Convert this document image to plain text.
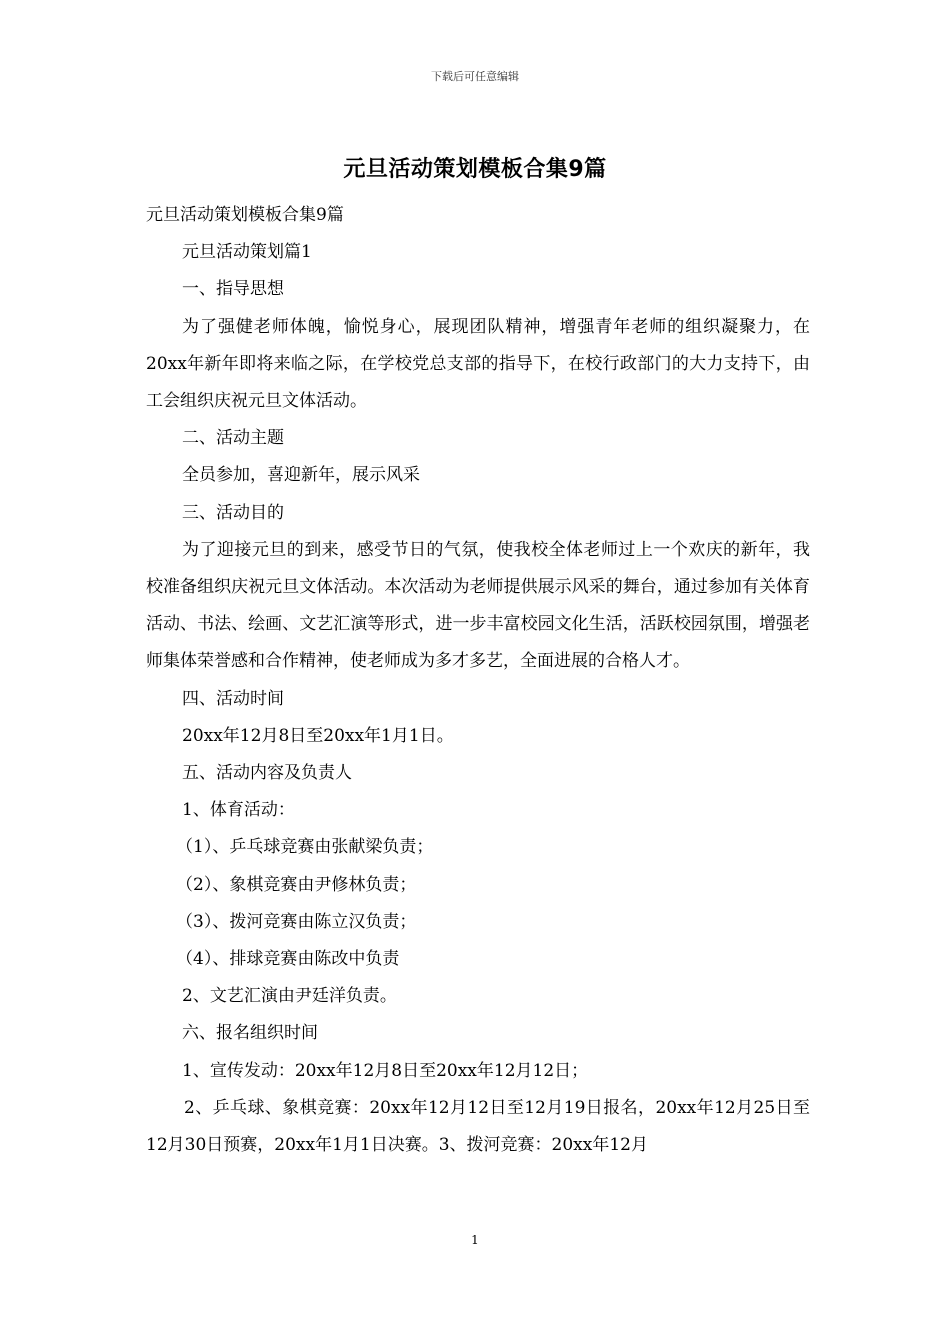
下载后可任意编辑
元旦活动策划模板合集9篇

元旦活动策划模板合集9篇

元旦活动策划篇1

一、指导思想

为了强健老师体魄，愉悦身心，展现团队精神，增强青年老师的组织凝聚力，在20xx年新年即将来临之际，在学校党总支部的指导下，在校行政部门的大力支持下，由工会组织庆祝元旦文体活动。

二、活动主题

全员参加，喜迎新年，展示风采

三、活动目的

为了迎接元旦的到来，感受节日的气氛，使我校全体老师过上一个欢庆的新年，我校准备组织庆祝元旦文体活动。本次活动为老师提供展示风采的舞台，通过参加有关体育活动、书法、绘画、文艺汇演等形式，进一步丰富校园文化生活，活跃校园氛围，增强老师集体荣誉感和合作精神，使老师成为多才多艺，全面进展的合格人才。

四、活动时间

20xx年12月8日至20xx年1月1日。

五、活动内容及负责人

1、体育活动：

（1）、乒乓球竞赛由张献梁负责；

（2）、象棋竞赛由尹修林负责；

（3）、拨河竞赛由陈立汉负责；

（4）、排球竞赛由陈改中负责

2、文艺汇演由尹廷洋负责。

六、报名组织时间

1、宣传发动：20xx年12月8日至20xx年12月12日；

2、乒乓球、象棋竞赛：20xx年12月12日至12月19日报名，20xx年12月25日至12月30日预赛，20xx年1月1日决赛。3、拨河竞赛：20xx年12月

1
